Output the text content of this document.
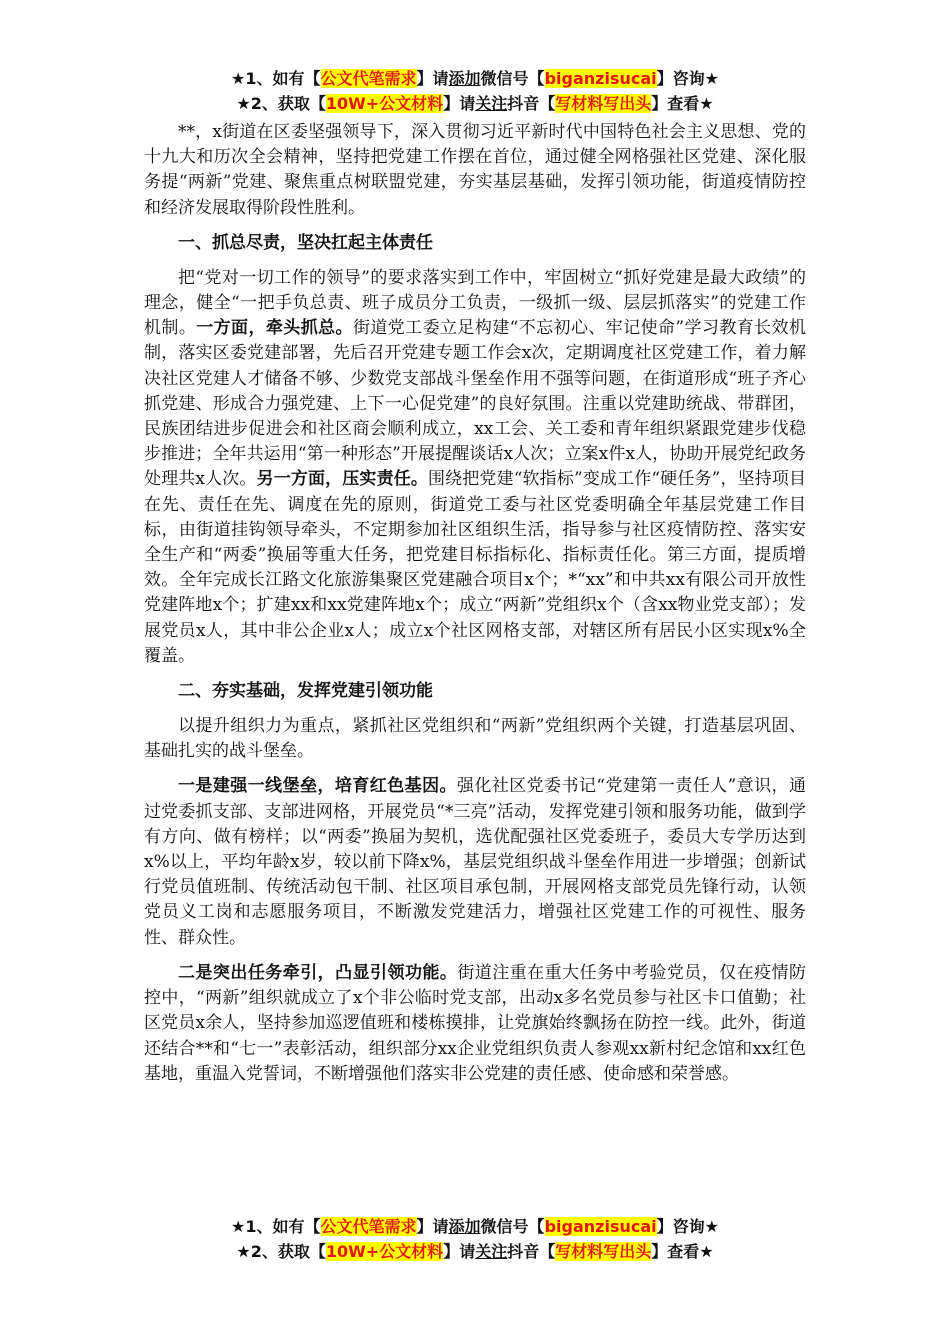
★1、如有【公文代笔需求】请添加微信号【biganzisucai】咨询★
★2、获取【10W+公文材料】请关注抖音【写材料写出头】查看★

**，x街道在区委坚强领导下，深入贯彻习近平新时代中国特色社会主义思想、党的十九大和历次全会精神，坚持把党建工作摆在首位，通过健全网格强社区党建、深化服务提“两新”党建、聚焦重点树联盟党建，夯实基层基础，发挥引领功能，街道疫情防控和经济发展取得阶段性胜利。

一、抓总尽责，坚决扛起主体责任

把“党对一切工作的领导”的要求落实到工作中，牢固树立“抓好党建是最大政绩”的理念，健全“一把手负总责、班子成员分工负责，一级抓一级、层层抓落实”的党建工作机制。一方面，牵头抓总。街道党工委立足构建“不忘初心、牢记使命”学习教育长效机制，落实区委党建部署，先后召开党建专题工作会x次，定期调度社区党建工作，着力解决社区党建人才储备不够、少数党支部战斗堡垒作用不强等问题，在街道形成“班子齐心抓党建、形成合力强党建、上下一心促党建”的良好氛围。注重以党建助统战、带群团，民族团结进步促进会和社区商会顺利成立，xx工会、关工委和青年组织紧跟党建步伐稳步推进；全年共运用“第一种形态”开展提醒谈话x人次；立案x件x人，协助开展党纪政务处理共x人次。另一方面，压实责任。围绕把党建“软指标”变成工作“硬任务”，坚持项目在先、责任在先、调度在先的原则，街道党工委与社区党委明确全年基层党建工作目标，由街道挂钩领导牵头，不定期参加社区组织生活，指导参与社区疫情防控、落实安全生产和“两委”换届等重大任务，把党建目标指标化、指标责任化。第三方面，提质增效。全年完成长江路文化旅游集聚区党建融合项目x个；*“xx”和中共xx有限公司开放性党建阵地x个；扩建xx和xx党建阵地x个；成立“两新”党组织x个（含xx物业党支部）；发展党员x人，其中非公企业x人；成立x个社区网格支部，对辖区所有居民小区实现x%全覆盖。

二、夯实基础，发挥党建引领功能

以提升组织力为重点，紧抓社区党组织和“两新”党组织两个关键，打造基层巩固、基础扎实的战斗堡垒。

一是建强一线堡垒，培育红色基因。强化社区党委书记“党建第一责任人”意识，通过党委抓支部、支部进网格，开展党员“*三亮”活动，发挥党建引领和服务功能，做到学有方向、做有榜样；以“两委”换届为契机，选优配强社区党委班子，委员大专学历达到x%以上，平均年龄x岁，较以前下降x%，基层党组织战斗堡垒作用进一步增强；创新试行党员值班制、传统活动包干制、社区项目承包制，开展网格支部党员先锋行动，认领党员义工岗和志愿服务项目，不断激发党建活力，增强社区党建工作的可视性、服务性、群众性。

二是突出任务牵引，凸显引领功能。街道注重在重大任务中考验党员，仅在疫情防控中，“两新”组织就成立了x个非公临时党支部，出动x多名党员参与社区卡口值勤；社区党员x余人，坚持参加巡逻值班和楼栋摸排，让党旗始终飘扬在防控一线。此外，街道还结合**和“七一”表彰活动，组织部分xx企业党组织负责人参观xx新村纪念馆和xx红色基地，重温入党誓词，不断增强他们落实非公党建的责任感、使命感和荣誉感。

★1、如有【公文代笔需求】请添加微信号【biganzisucai】咨询★
★2、获取【10W+公文材料】请关注抖音【写材料写出头】查看★
